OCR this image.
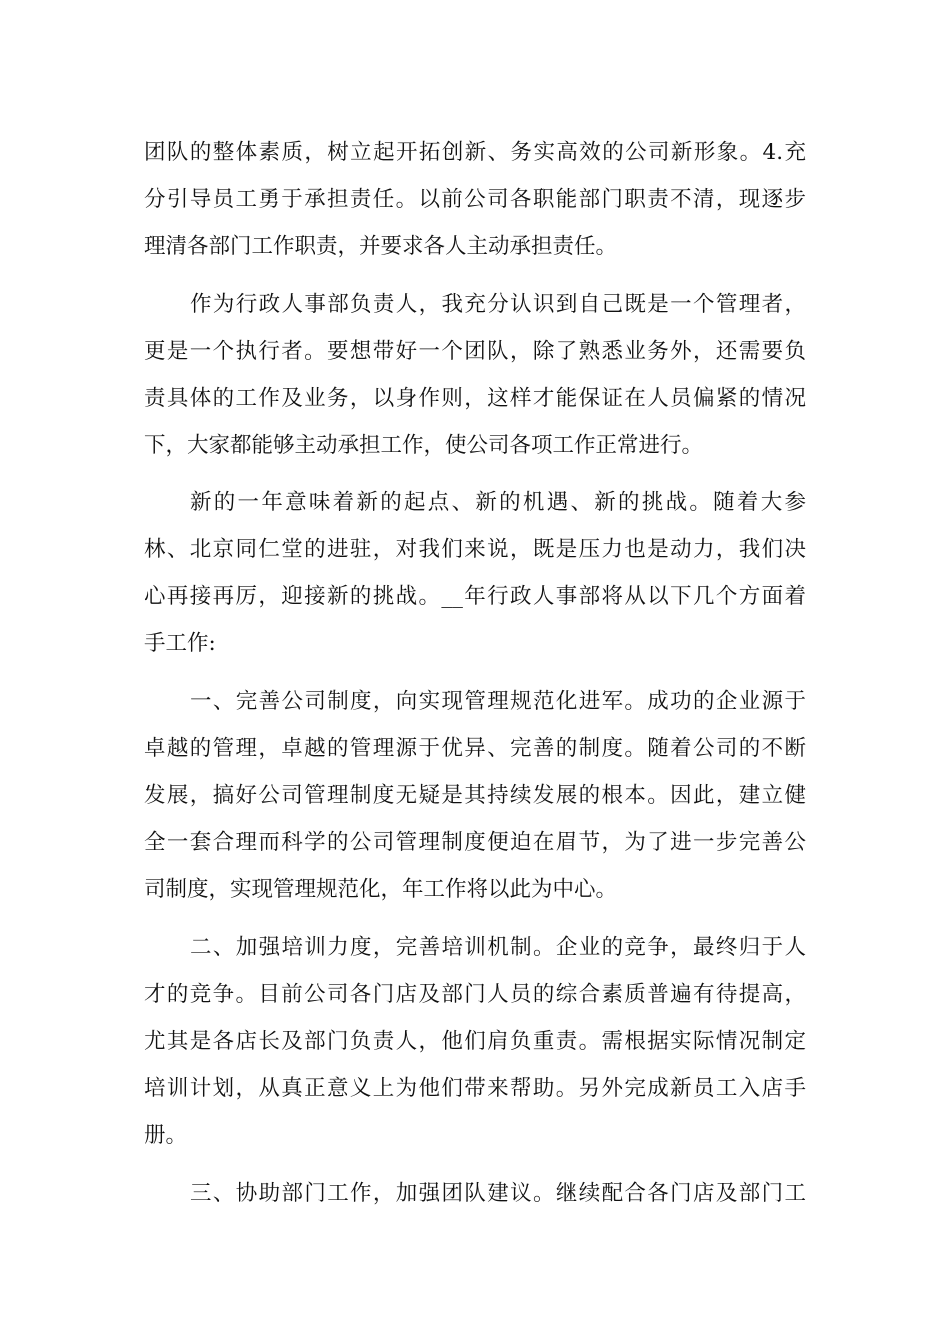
团队的整体素质，树立起开拓创新、务实高效的公司新形象。4.充
分引导员工勇于承担责任。以前公司各职能部门职责不清，现逐步
理清各部门工作职责，并要求各人主动承担责任。
作为行政人事部负责人，我充分认识到自己既是一个管理者，
更是一个执行者。要想带好一个团队，除了熟悉业务外，还需要负
责具体的工作及业务，以身作则，这样才能保证在人员偏紧的情况
下，大家都能够主动承担工作，使公司各项工作正常进行。
新的一年意味着新的起点、新的机遇、新的挑战。随着大参
林、北京同仁堂的进驻，对我们来说，既是压力也是动力，我们决
心再接再厉，迎接新的挑战。__年行政人事部将从以下几个方面着
手工作:
一、完善公司制度，向实现管理规范化进军。成功的企业源于
卓越的管理，卓越的管理源于优异、完善的制度。随着公司的不断
发展，搞好公司管理制度无疑是其持续发展的根本。因此，建立健
全一套合理而科学的公司管理制度便迫在眉节，为了进一步完善公
司制度，实现管理规范化，年工作将以此为中心。
二、加强培训力度，完善培训机制。企业的竞争，最终归于人
才的竞争。目前公司各门店及部门人员的综合素质普遍有待提高，
尤其是各店长及部门负责人，他们肩负重责。需根据实际情况制定
培训计划，从真正意义上为他们带来帮助。另外完成新员工入店手
册。
三、协助部门工作，加强团队建议。继续配合各门店及部门工
